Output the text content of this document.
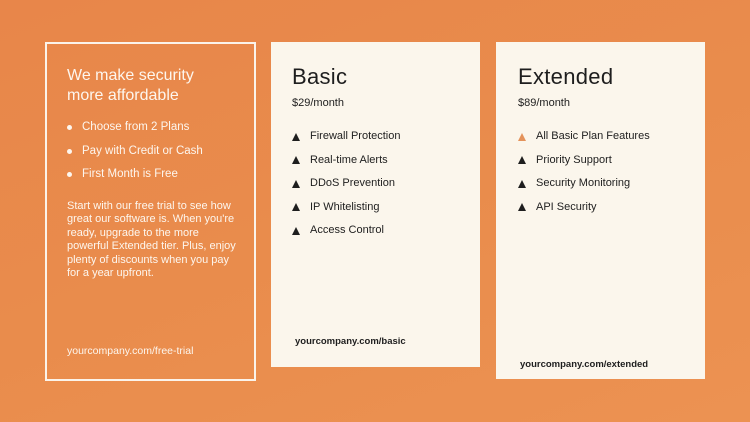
We make security more affordable
Choose from 2 Plans
Pay with Credit or Cash
First Month is Free

Start with our free trial to see how great our software is. When you're ready, upgrade to the more powerful Extended tier. Plus, enjoy plenty of discounts when you pay for a year upfront.

yourcompany.com/free-trial
Basic
$29/month
Firewall Protection
Real-time Alerts
DDoS Prevention
IP Whitelisting
Access Control
yourcompany.com/basic
Extended
$89/month
All Basic Plan Features
Priority Support
Security Monitoring
API Security
yourcompany.com/extended
